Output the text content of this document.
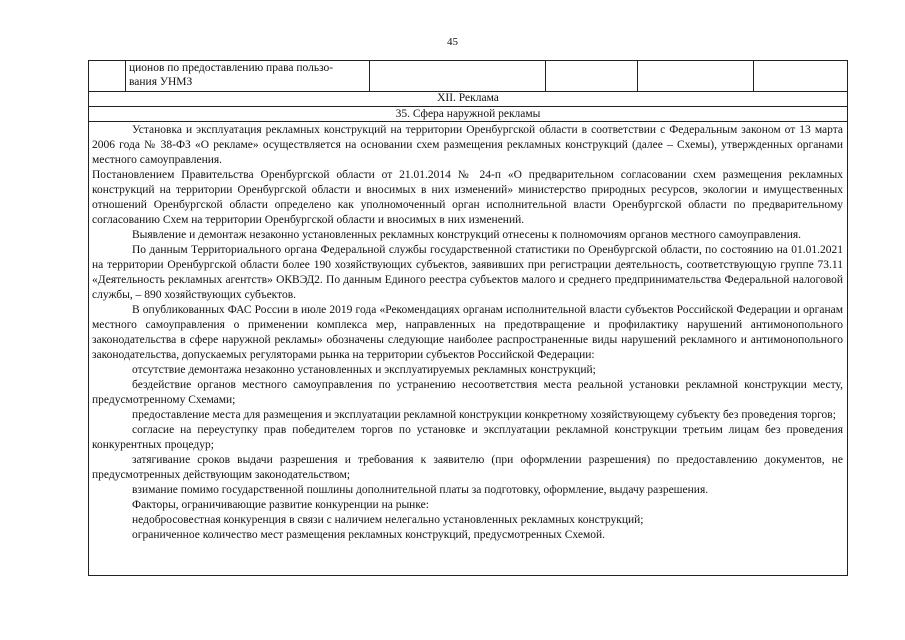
45
ционов по предоставлению права пользо-
вания УНМЗ
XII. Реклама
35. Сфера наружной рекламы

Установка и эксплуатация рекламных конструкций на территории Оренбургской области в соответствии с Федеральным законом от 13 марта 2006 года № 38-ФЗ «О рекламе» осуществляется на основании схем размещения рекламных конструкций (далее – Схемы), утвержденных органами местного самоуправления.

Постановлением Правительства Оренбургской области от 21.01.2014 № 24-п «О предварительном согласовании схем размещения рекламных конструкций на территории Оренбургской области и вносимых в них изменений» министерство природных ресурсов, экологии и имущественных отношений Оренбургской области определено как уполномоченный орган исполнительной власти Оренбургской области по предварительному согласованию Схем на территории Оренбургской области и вносимых в них изменений.

Выявление и демонтаж незаконно установленных рекламных конструкций отнесены к полномочиям органов местного самоуправления.

По данным Территориального органа Федеральной службы государственной статистики по Оренбургской области, по состоянию на 01.01.2021 на территории Оренбургской области более 190 хозяйствующих субъектов, заявивших при регистрации деятельность, соответствующую группе 73.11 «Деятельность рекламных агентств» ОКВЭД2. По данным Единого реестра субъектов малого и среднего предпринимательства Федеральной налоговой службы, – 890 хозяйствующих субъектов.

В опубликованных ФАС России в июле 2019 года «Рекомендациях органам исполнительной власти субъектов Российской Федерации и органам местного самоуправления о применении комплекса мер, направленных на предотвращение и профилактику нарушений антимонопольного законодательства в сфере наружной рекламы» обозначены следующие наиболее распространенные виды нарушений рекламного и антимонопольного законодательства, допускаемых регуляторами рынка на территории субъектов Российской Федерации:

отсутствие демонтажа незаконно установленных и эксплуатируемых рекламных конструкций;

бездействие органов местного самоуправления по устранению несоответствия места реальной установки рекламной конструкции месту, предусмотренному Схемами;

предоставление места для размещения и эксплуатации рекламной конструкции конкретному хозяйствующему субъекту без проведения торгов;

согласие на переуступку прав победителем торгов по установке и эксплуатации рекламной конструкции третьим лицам без проведения конкурентных процедур;

затягивание сроков выдачи разрешения и требования к заявителю (при оформлении разрешения) по предоставлению документов, не предусмотренных действующим законодательством;

взимание помимо государственной пошлины дополнительной платы за подготовку, оформление, выдачу разрешения.

Факторы, ограничивающие развитие конкуренции на рынке:

недобросовестная конкуренция в связи с наличием нелегально установленных рекламных конструкций;

ограниченное количество мест размещения рекламных конструкций, предусмотренных Схемой.
